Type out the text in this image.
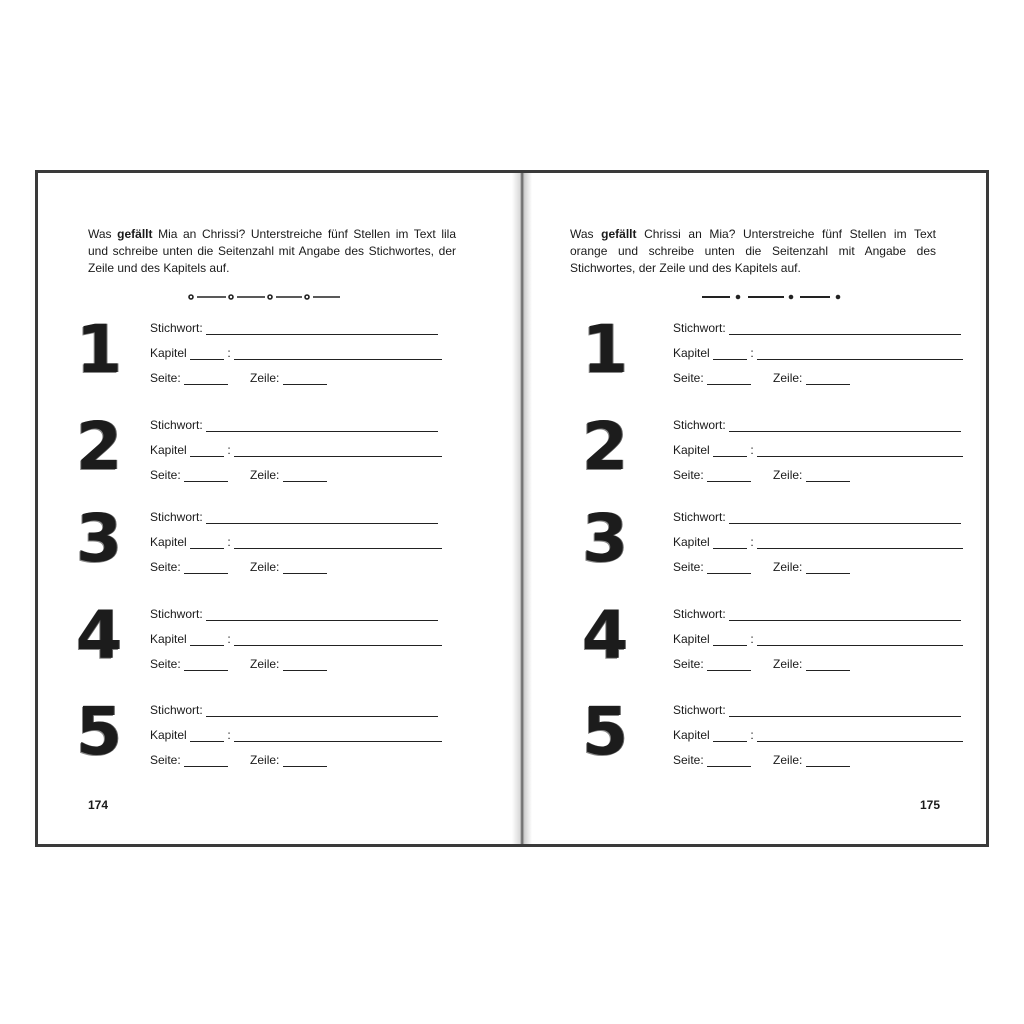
Was gefällt Mia an Chrissi? Unterstreiche fünf Stellen im Text lila und schreibe unten die Seitenzahl mit Angabe des Stichwortes, der Zeile und des Kapitels auf.
1 Stichwort:
Kapitel	:
Seite:	Zeile:
2 Stichwort:
Kapitel	:
Seite:	Zeile:
3 Stichwort:
Kapitel	:
Seite:	Zeile:
4 Stichwort:
Kapitel	:
Seite:	Zeile:
5 Stichwort:
Kapitel	:
Seite:	Zeile:
174
Was gefällt Chrissi an Mia? Unterstreiche fünf Stellen im Text orange und schreibe unten die Seitenzahl mit Angabe des Stichwortes, der Zeile und des Kapitels auf.
1	Stichwort:
Kapitel	:
Seite:	Zeile:
2	Stichwort:
Kapitel	:
Seite:	Zeile:
3	Stichwort:
Kapitel	:
Seite:	Zeile:
4	Stichwort:
Kapitel	:
Seite:	Zeile:
5	Stichwort:
Kapitel	:
Seite:	Zeile:
175
